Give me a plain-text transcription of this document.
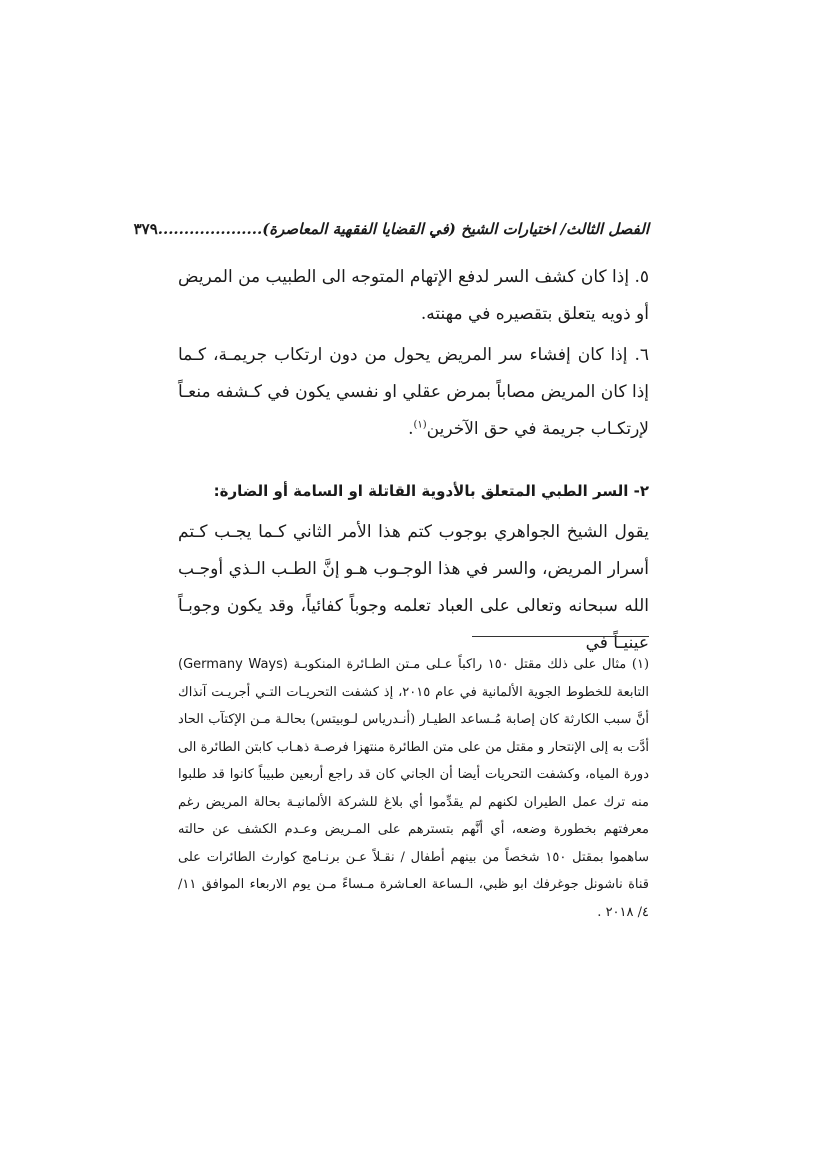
الفصل الثالث/ اختيارات الشيخ (في القضايا الفقهية المعاصرة)
....................
٣٧٩

٥. إذا كان كشف السر لدفع الإتهام المتوجه الى الطبيب من المريض أو ذويه يتعلق بتقصيره في مهنته.

٦. إذا كان إفشاء سر المريض يحول من دون ارتكاب جريمـة، كـما إذا كان المريض مصاباً بمرض عقلي او نفسي يكون في كـشفه منعـاً لإرتكـاب جريمة في حق الآخرين$^{(١)}$.

٢- السر الطبي المتعلق بالأدوية القاتلة او السامة أو الضارة:

يقول الشيخ الجواهري بوجوب كتم هذا الأمر الثاني كـما يجـب كـتم أسرار المريض، والسر في هذا الوجـوب هـو إنَّ الطـب الـذي أوجـب الله سبحانه وتعالى على العباد تعلمه وجوباً كفائياً، وقد يكون وجوبـاً عينيـاً في

(١) مثال على ذلك مقتل ١٥٠ راكباً عـلى مـتن الطـائرة المنكوبـة (Germany Ways) التابعة للخطوط الجوية الألمانية في عام ٢٠١٥، إذ كشفت التحريـات التـي أجريـت آنذاك أنَّ سبب الكارثة كان إصابة مُـساعد الطيـار (أنـدرياس لـوبيتس) بحالـة مـن الإكتآب الحاد أدَّت به إلى الإنتحار و مقتل من على متن الطائرة منتهزا فرصـة ذهـاب كابتن الطائرة الى دورة المياه، وكشفت التحريات أيضا أن الجاني كان قد راجع أربعين طبيباً كانوا قد طلبوا منه ترك عمل الطيران لكنهم لم يقدِّموا أي بلاغ للشركة الألمانيـة بحالة المريض رغم معرفتهم بخطورة وضعه، أي أنَّهم بتسترهم على المـريض وعـدم الكشف عن حالته ساهموا بمقتل ١٥٠ شخصاً من بينهم أطفال / نقـلاً عـن برنـامج كوارث الطائرات على قناة ناشونل جوغرفك ابو ظبي، الـساعة العـاشرة مـساءً مـن يوم الاربعاء الموافق ١١/ ٤/ ٢٠١٨ .
